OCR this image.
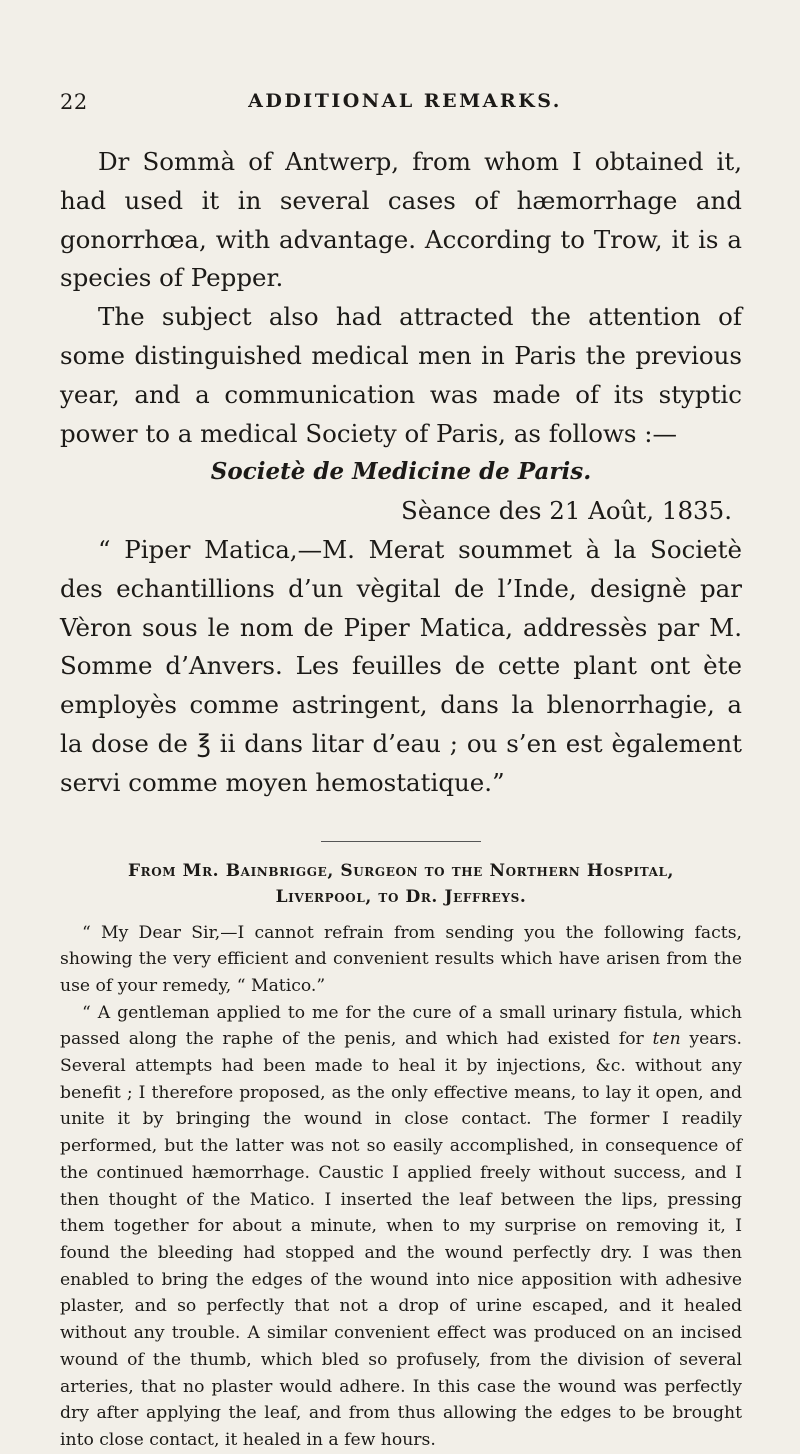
22	ADDITIONAL REMARKS.

Dr Sommà of Antwerp, from whom I obtained it, had used it in several cases of hæmorrhage and gonorrhœa, with advantage. According to Trow, it is a species of Pepper.

The subject also had attracted the attention of some distinguished medical men in Paris the previous year, and a communication was made of its styptic power to a medical Society of Paris, as follows :—

Societè de Medicine de Paris.

Sèance des 21 Août, 1835.

“ Piper Matica,—M. Merat soummet à la Societè des echantillions d’un vègital de l’Inde, designè par Vèron sous le nom de Piper Matica, addressès par M. Somme d’Anvers. Les feuilles de cette plant ont ète employès comme astringent, dans la blenorrhagie, a la dose de ℥ ii dans litar d’eau ; ou s’en est ègalement servi comme moyen hemostatique.”

From Mr. Bainbrigge, Surgeon to the Northern Hospital,
Liverpool, to Dr. Jeffreys.

“ My Dear Sir,—I cannot refrain from sending you the following facts, showing the very efficient and convenient results which have arisen from the use of your remedy, “ Matico.”

“ A gentleman applied to me for the cure of a small urinary fistula, which passed along the raphe of the penis, and which had existed for ten years. Several attempts had been made to heal it by injections, &c. without any benefit ; I therefore proposed, as the only effective means, to lay it open, and unite it by bringing the wound in close contact. The former I readily performed, but the latter was not so easily accomplished, in consequence of the continued hæmorrhage. Caustic I applied freely without success, and I then thought of the Matico. I inserted the leaf between the lips, pressing them together for about a minute, when to my surprise on removing it, I found the bleeding had stopped and the wound perfectly dry. I was then enabled to bring the edges of the wound into nice apposition with adhesive plaster, and so perfectly that not a drop of urine escaped, and it healed without any trouble. A similar convenient effect was produced on an incised wound of the thumb, which bled so profusely, from the division of several arteries, that no plaster would adhere. In this case the wound was perfectly dry after applying the leaf, and from thus allowing the edges to be brought into close contact, it healed in a few hours.
